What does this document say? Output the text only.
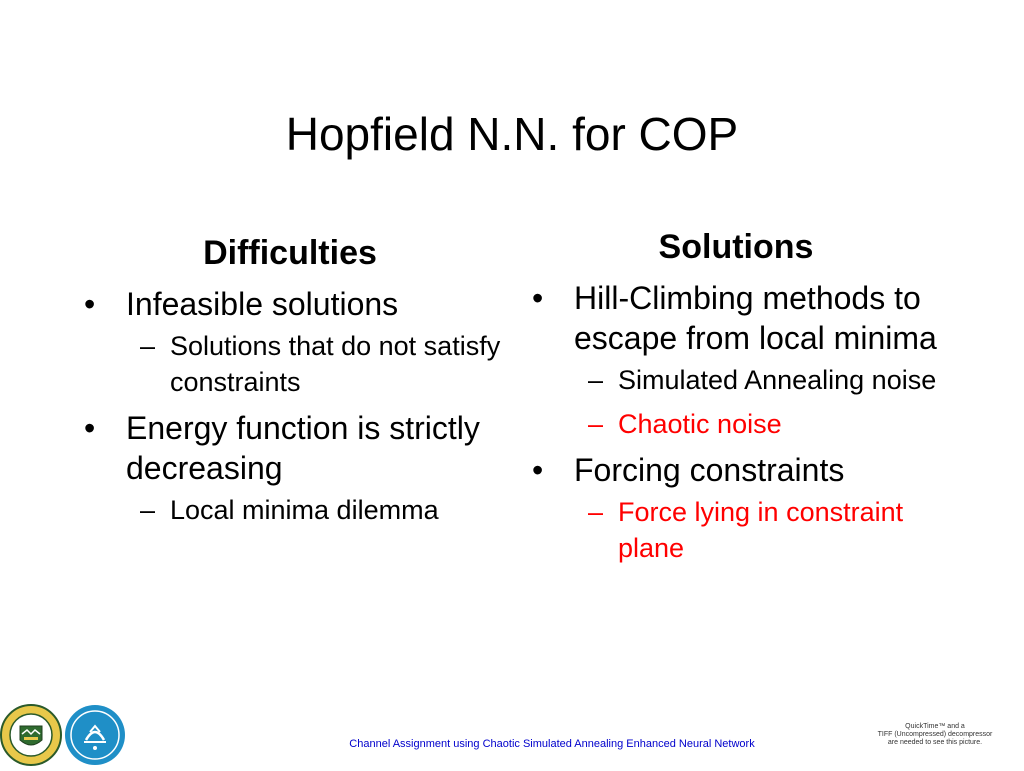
Hopfield N.N. for COP
Difficulties
• Infeasible solutions
– Solutions that do not satisfy constraints
• Energy function is strictly decreasing
– Local minima dilemma
Solutions
• Hill-Climbing methods to escape from local minima
– Simulated Annealing noise
– Chaotic noise
• Forcing constraints
– Force lying in constraint plane
Channel Assignment using Chaotic Simulated Annealing Enhanced Neural Network
QuickTime™ and a
TIFF (Uncompressed) decompressor
are needed to see this picture.
